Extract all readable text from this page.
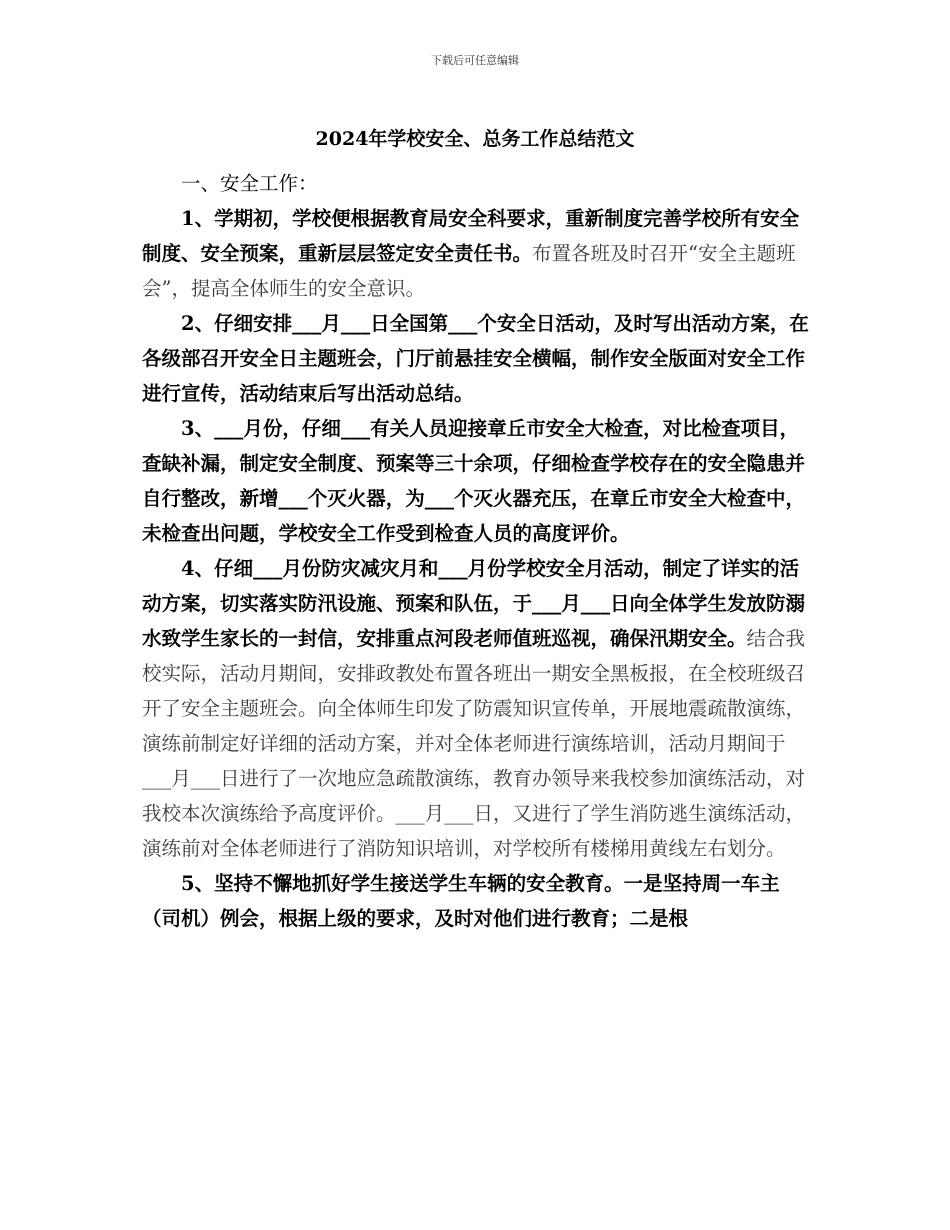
下载后可任意编辑
2024年学校安全、总务工作总结范文

一、安全工作：

1、学期初，学校便根据教育局安全科要求，重新制度完善学校所有安全制度、安全预案，重新层层签定安全责任书。布置各班及时召开“安全主题班会”，提高全体师生的安全意识。

2、仔细安排___月___日全国第___个安全日活动，及时写出活动方案，在各级部召开安全日主题班会，门厅前悬挂安全横幅，制作安全版面对安全工作进行宣传，活动结束后写出活动总结。

3、___月份，仔细___有关人员迎接章丘市安全大检查，对比检查项目，查缺补漏，制定安全制度、预案等三十余项，仔细检查学校存在的安全隐患并自行整改，新增___个灭火器，为___个灭火器充压，在章丘市安全大检查中，未检查出问题，学校安全工作受到检查人员的高度评价。

4、仔细___月份防灾减灾月和___月份学校安全月活动，制定了详实的活动方案，切实落实防汛设施、预案和队伍，于___月___日向全体学生发放防溺水致学生家长的一封信，安排重点河段老师值班巡视，确保汛期安全。结合我校实际，活动月期间，安排政教处布置各班出一期安全黑板报，在全校班级召开了安全主题班会。向全体师生印发了防震知识宣传单，开展地震疏散演练，演练前制定好详细的活动方案，并对全体老师进行演练培训，活动月期间于___月___日进行了一次地应急疏散演练，教育办领导来我校参加演练活动，对我校本次演练给予高度评价。___月___日，又进行了学生消防逃生演练活动，演练前对全体老师进行了消防知识培训，对学校所有楼梯用黄线左右划分。

5、坚持不懈地抓好学生接送学生车辆的安全教育。一是坚持周一车主（司机）例会，根据上级的要求，及时对他们进行教育；二是根
